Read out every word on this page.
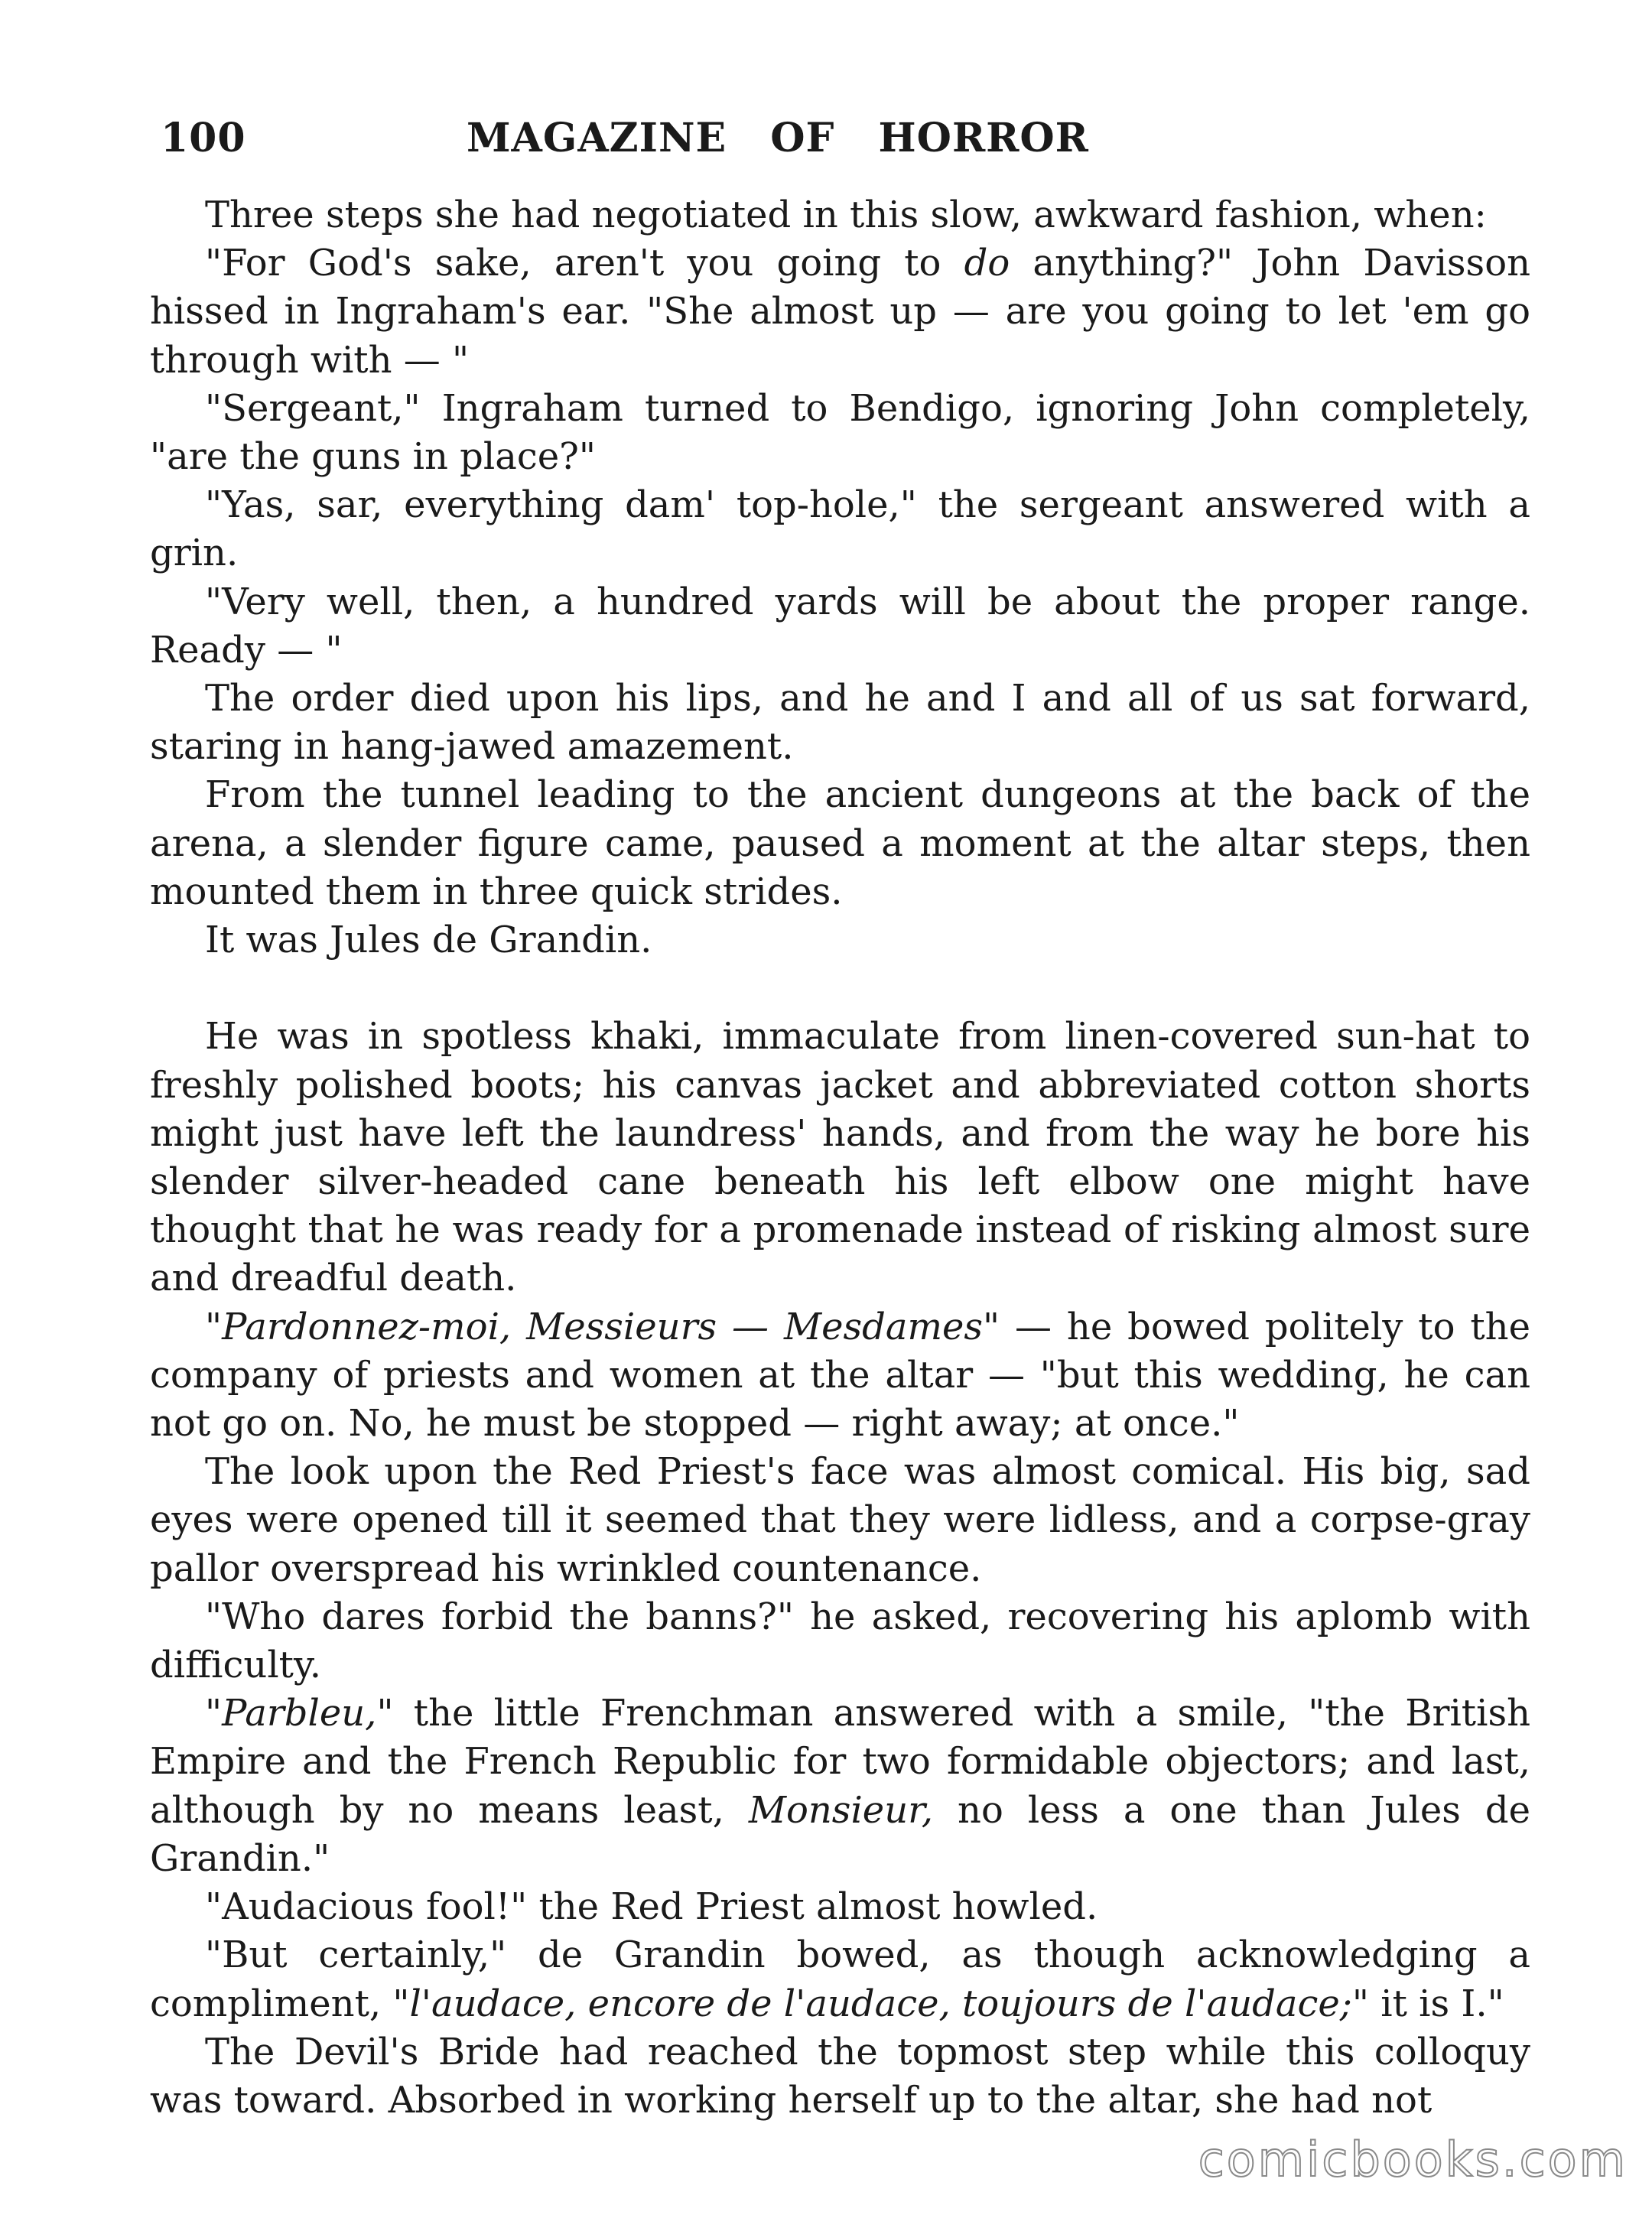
100	MAGAZINE OF HORROR

Three steps she had negotiated in this slow, awkward fashion, when:

"For God's sake, aren't you going to do anything?" John Davisson hissed in Ingraham's ear. "She almost up — are you going to let 'em go through with — "

"Sergeant," Ingraham turned to Bendigo, ignoring John completely, "are the guns in place?"

"Yas, sar, everything dam' top-hole," the sergeant answered with a grin.

"Very well, then, a hundred yards will be about the proper range. Ready — "

The order died upon his lips, and he and I and all of us sat forward, staring in hang-jawed amazement.

From the tunnel leading to the ancient dungeons at the back of the arena, a slender figure came, paused a moment at the altar steps, then mounted them in three quick strides.

It was Jules de Grandin.

He was in spotless khaki, immaculate from linen-covered sun-hat to freshly polished boots; his canvas jacket and abbreviated cotton shorts might just have left the laundress' hands, and from the way he bore his slender silver-headed cane beneath his left elbow one might have thought that he was ready for a promenade instead of risking almost sure and dreadful death.

"Pardonnez-moi, Messieurs — Mesdames" — he bowed politely to the company of priests and women at the altar — "but this wedding, he can not go on. No, he must be stopped — right away; at once."

The look upon the Red Priest's face was almost comical. His big, sad eyes were opened till it seemed that they were lidless, and a corpse-gray pallor overspread his wrinkled countenance.

"Who dares forbid the banns?" he asked, recovering his aplomb with difficulty.

"Parbleu," the little Frenchman answered with a smile, "the British Empire and the French Republic for two formidable objectors; and last, although by no means least, Monsieur, no less a one than Jules de Grandin."

"Audacious fool!" the Red Priest almost howled.

"But certainly," de Grandin bowed, as though acknowledging a compliment, "l'audace, encore de l'audace, toujours de l'audace;" it is I."

The Devil's Bride had reached the topmost step while this colloquy was toward. Absorbed in working herself up to the altar, she had not

comicbooks.com
